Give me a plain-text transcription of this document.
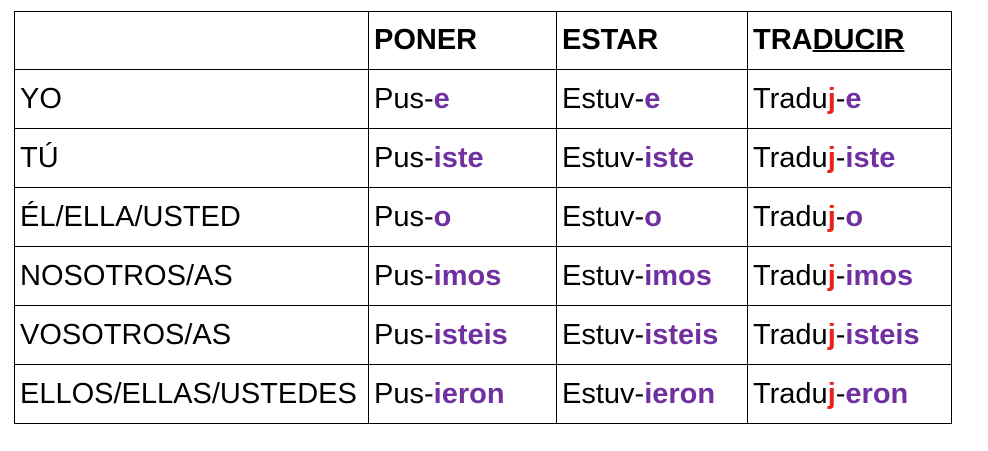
	PONER	ESTAR	TRADUCIR
YO	Pus-e	Estuv-e	Traduj-e
TÚ	Pus-iste	Estuv-iste	Traduj-iste
ÉL/ELLA/USTED	Pus-o	Estuv-o	Traduj-o
NOSOTROS/AS	Pus-imos	Estuv-imos	Traduj-imos
VOSOTROS/AS	Pus-isteis	Estuv-isteis	Traduj-isteis
ELLOS/ELLAS/USTEDES	Pus-ieron	Estuv-ieron	Traduj-eron
